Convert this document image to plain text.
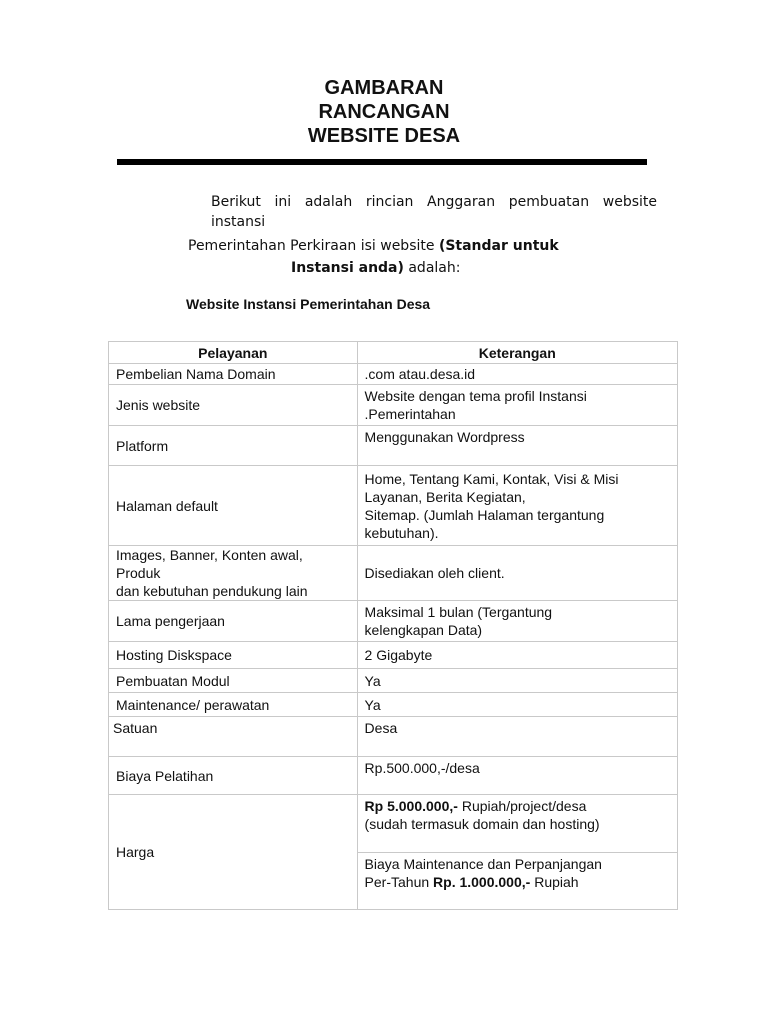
GAMBARAN
RANCANGAN
WEBSITE DESA
Berikut ini adalah rincian Anggaran pembuatan website instansi
Pemerintahan Perkiraan isi website (Standar untuk
Instansi anda) adalah:
Website Instansi Pemerintahan Desa
Pelayanan	Keterangan
Pembelian Nama Domain	.com atau.desa.id
Jenis website	Website dengan tema profil Instansi
.Pemerintahan

Platform	Menggunakan Wordpress
Halaman default	Home, Tentang Kami, Kontak, Visi & Misi
Layanan, Berita Kegiatan,
Sitemap. (Jumlah Halaman tergantung
kebutuhan).

Images, Banner, Konten awal, Produk
dan kebutuhan pendukung lain	Disediakan oleh client.
Lama pengerjaan	Maksimal 1 bulan (Tergantung
kelengkapan Data)

Hosting Diskspace	2 Gigabyte
Pembuatan Modul	Ya
Maintenance/ perawatan	Ya
Satuan	Desa
Biaya Pelatihan	Rp.500.000,-/desa
Harga	Rp 5.000.000,- Rupiah/project/desa
(sudah termasuk domain dan hosting)

	Biaya Maintenance dan Perpanjangan
Per-Tahun Rp. 1.000.000,- Rupiah
